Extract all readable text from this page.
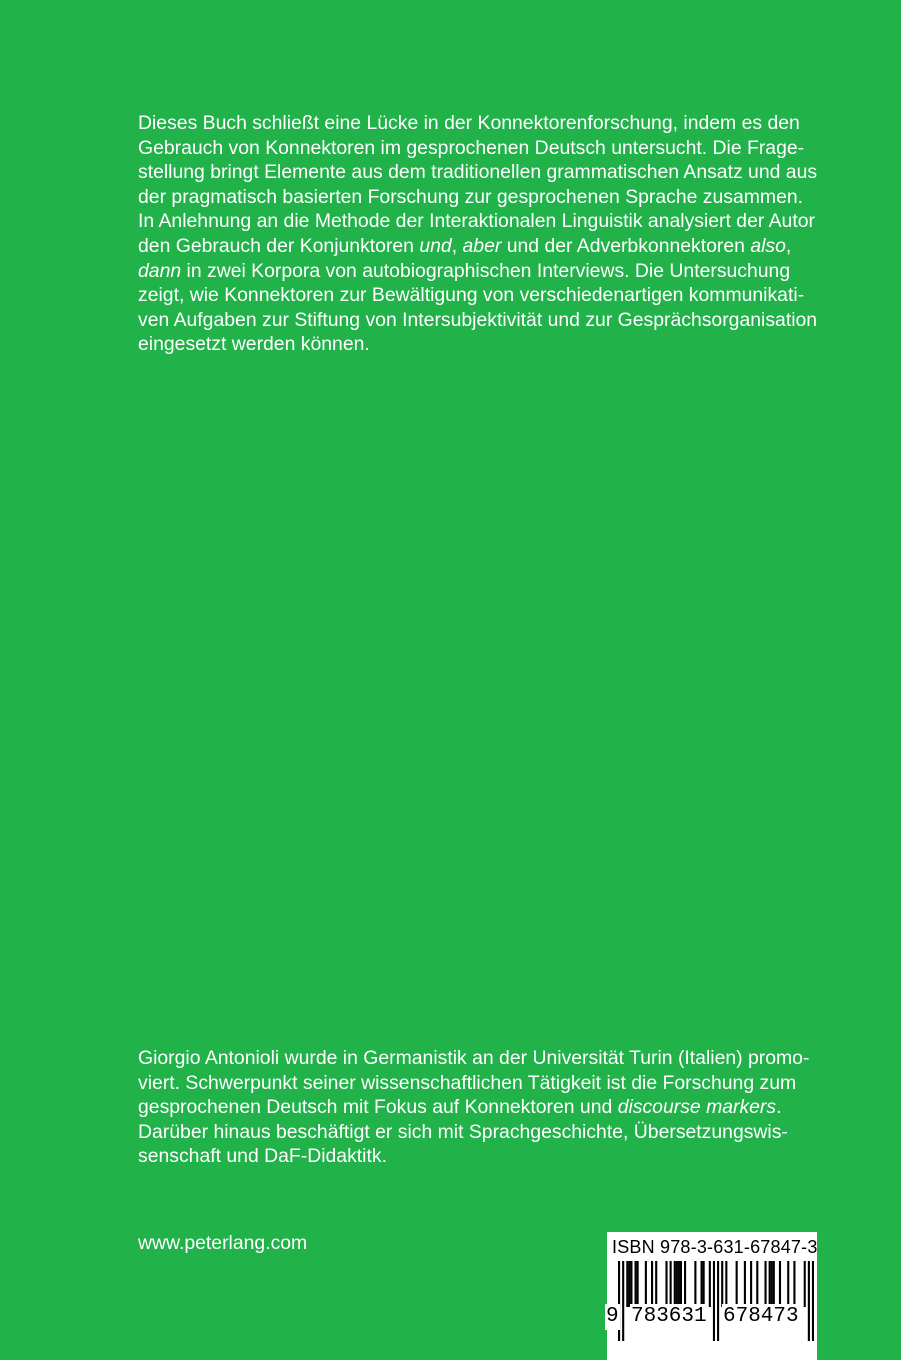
Dieses Buch schließt eine Lücke in der Konnektorenforschung, indem es den
Gebrauch von Konnektoren im gesprochenen Deutsch untersucht. Die Frage-
stellung bringt Elemente aus dem traditionellen grammatischen Ansatz und aus
der pragmatisch basierten Forschung zur gesprochenen Sprache zusammen.
In Anlehnung an die Methode der Interaktionalen Linguistik analysiert der Autor
den Gebrauch der Konjunktoren und, aber und der Adverbkonnektoren also,
dann in zwei Korpora von autobiographischen Interviews. Die Untersuchung
zeigt, wie Konnektoren zur Bewältigung von verschiedenartigen kommunikati-
ven Aufgaben zur Stiftung von Intersubjektivität und zur Gesprächsorganisation
eingesetzt werden können.
Giorgio Antonioli wurde in Germanistik an der Universität Turin (Italien) promo-
viert. Schwerpunkt seiner wissenschaftlichen Tätigkeit ist die Forschung zum
gesprochenen Deutsch mit Fokus auf Konnektoren und discourse markers.
Darüber hinaus beschäftigt er sich mit Sprachgeschichte, Übersetzungswis-
senschaft und DaF-Didaktitk.
www.peterlang.com	ISBN 978-3-631-67847-3
9 783631 678473
